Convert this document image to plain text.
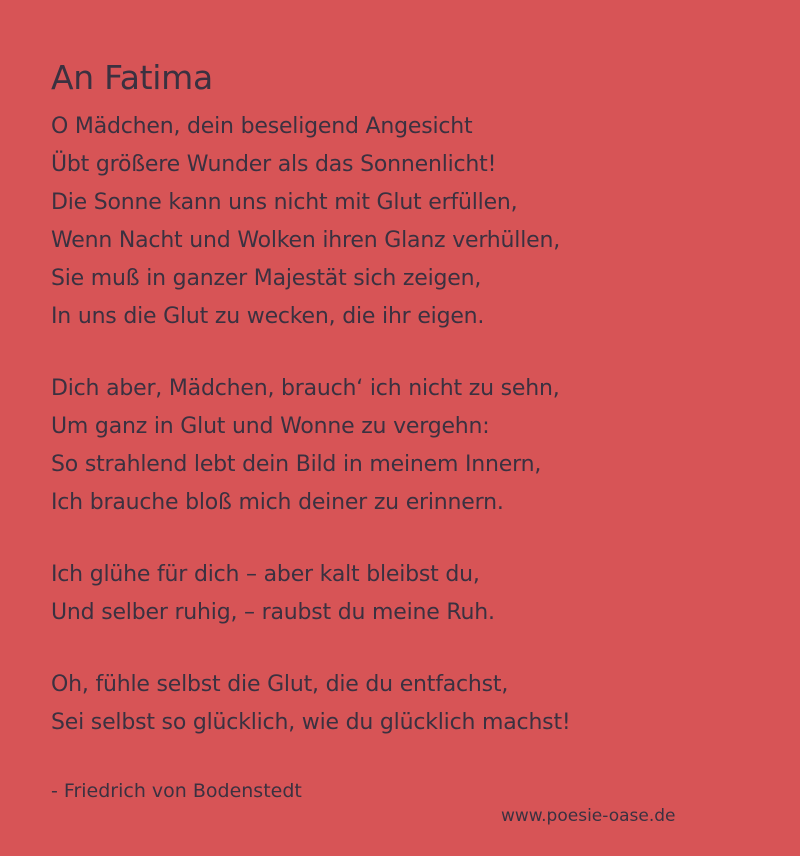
An Fatima
O Mädchen, dein beseligend Angesicht
Übt größere Wunder als das Sonnenlicht!
Die Sonne kann uns nicht mit Glut erfüllen,
Wenn Nacht und Wolken ihren Glanz verhüllen,
Sie muß in ganzer Majestät sich zeigen,
In uns die Glut zu wecken, die ihr eigen.
Dich aber, Mädchen, brauch‘ ich nicht zu sehn,
Um ganz in Glut und Wonne zu vergehn:
So strahlend lebt dein Bild in meinem Innern,
Ich brauche bloß mich deiner zu erinnern.
Ich glühe für dich – aber kalt bleibst du,
Und selber ruhig, – raubst du meine Ruh.
Oh, fühle selbst die Glut, die du entfachst,
Sei selbst so glücklich, wie du glücklich machst!
- Friedrich von Bodenstedt
www.poesie-oase.de
